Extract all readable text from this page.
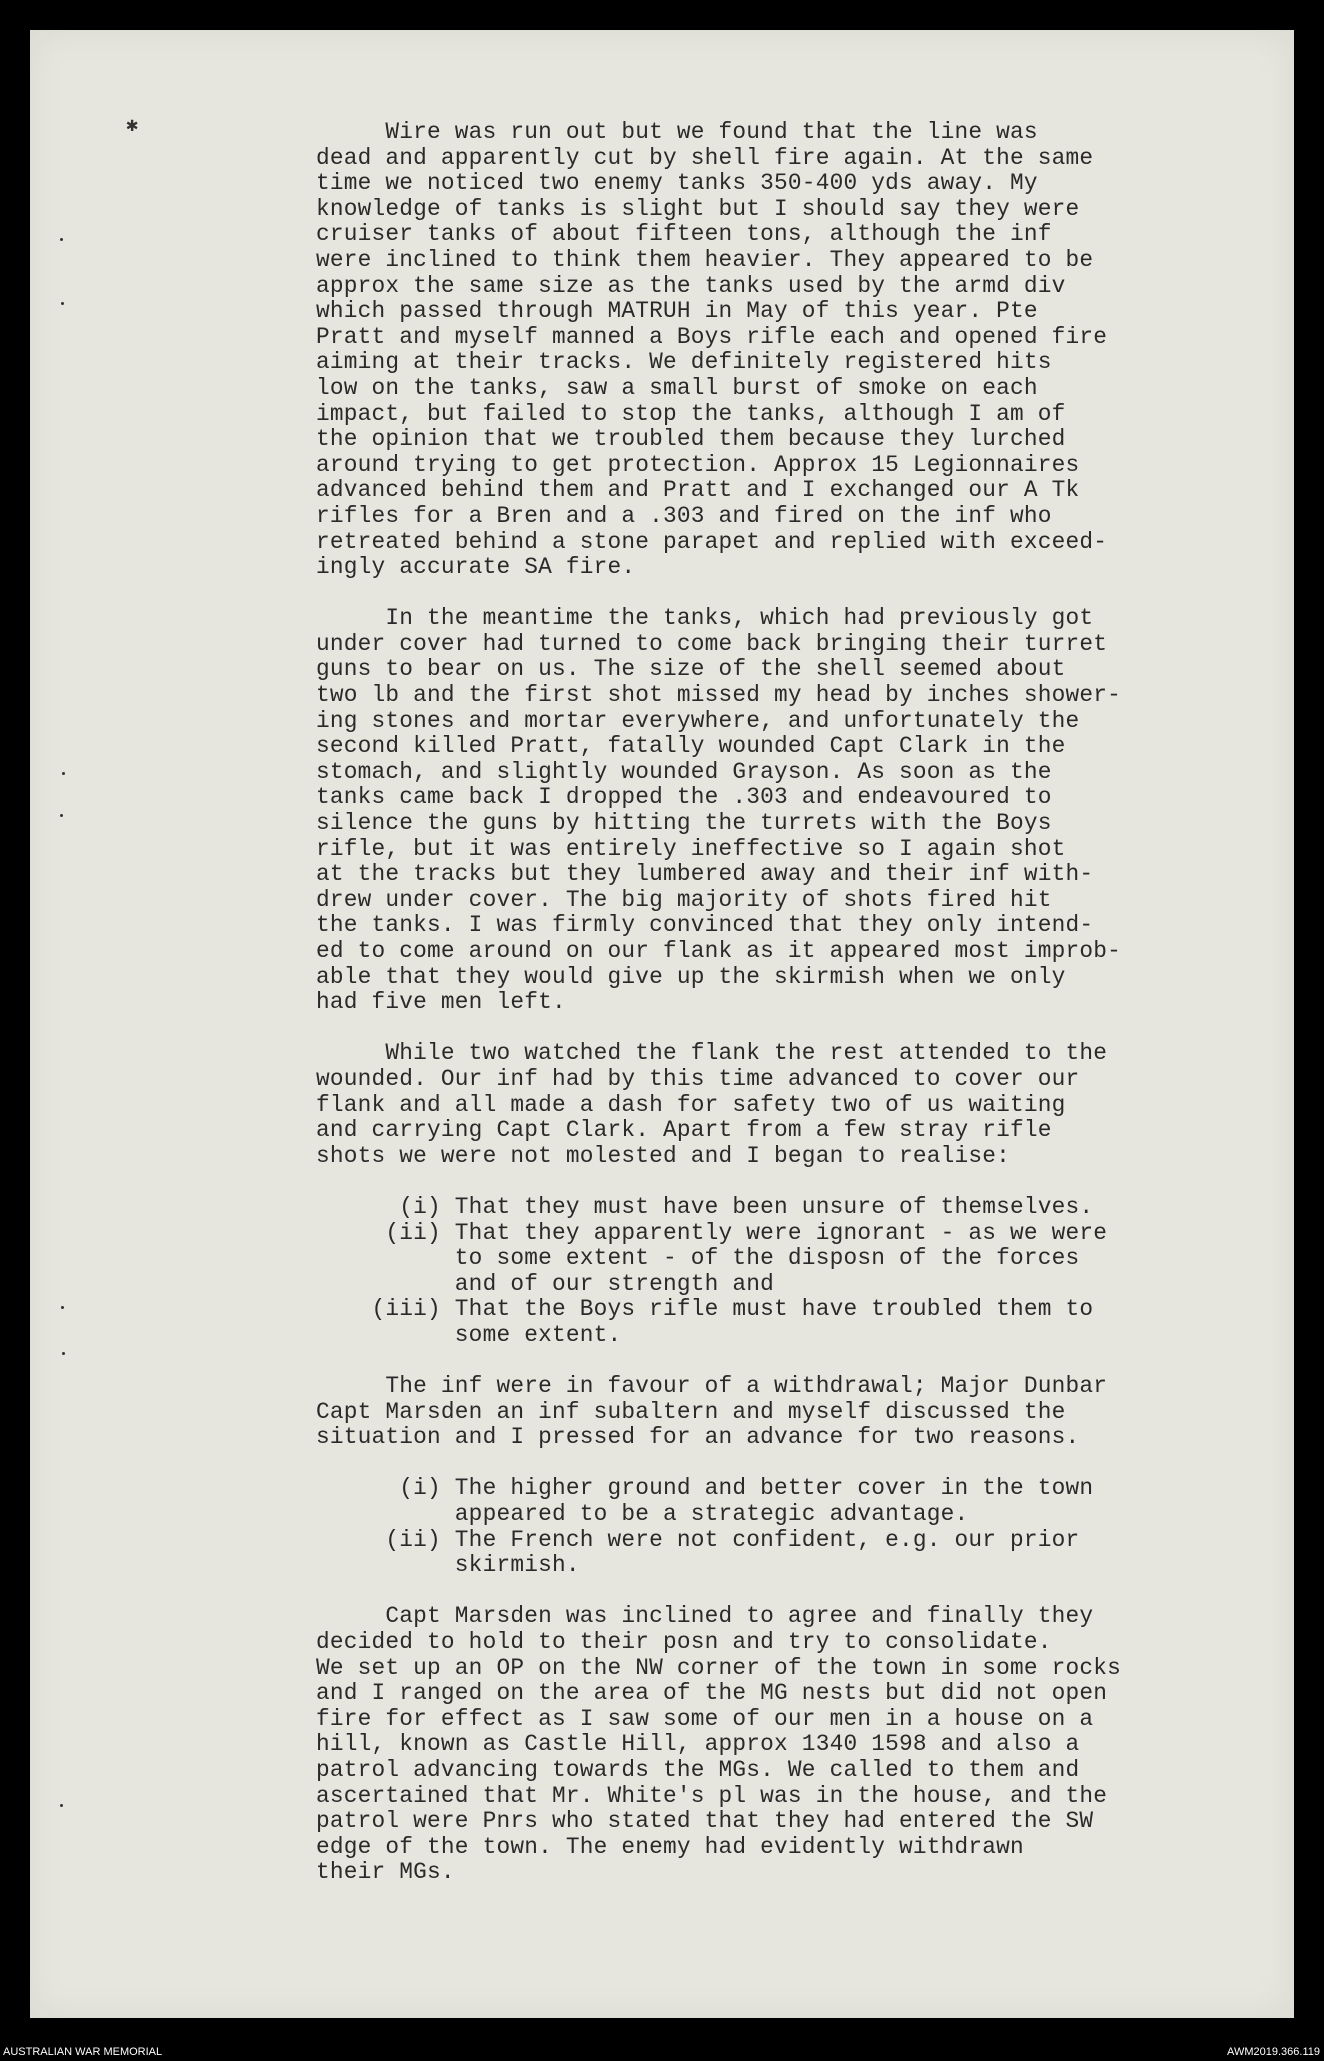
✱	Wire was run out but we found that the line was
dead and apparently cut by shell fire again. At the same
time we noticed two enemy tanks 350-400 yds away. My
knowledge of tanks is slight but I should say they were
cruiser tanks of about fifteen tons, although the inf
were inclined to think them heavier. They appeared to be
approx the same size as the tanks used by the armd div
which passed through MATRUH in May of this year. Pte
Pratt and myself manned a Boys rifle each and opened fire
aiming at their tracks. We definitely registered hits
low on the tanks, saw a small burst of smoke on each
impact, but failed to stop the tanks, although I am of
the opinion that we troubled them because they lurched
around trying to get protection. Approx 15 Legionnaires
advanced behind them and Pratt and I exchanged our A Tk
rifles for a Bren and a .303 and fired on the inf who
retreated behind a stone parapet and replied with exceed-
ingly accurate SA fire.
In the meantime the tanks, which had previously got
under cover had turned to come back bringing their turret
guns to bear on us. The size of the shell seemed about
two lb and the first shot missed my head by inches shower-
ing stones and mortar everywhere, and unfortunately the
second killed Pratt, fatally wounded Capt Clark in the
stomach, and slightly wounded Grayson. As soon as the
tanks came back I dropped the .303 and endeavoured to
silence the guns by hitting the turrets with the Boys
rifle, but it was entirely ineffective so I again shot
at the tracks but they lumbered away and their inf with-
drew under cover. The big majority of shots fired hit
the tanks. I was firmly convinced that they only intend-
ed to come around on our flank as it appeared most improb-
able that they would give up the skirmish when we only
had five men left.
While two watched the flank the rest attended to the
wounded. Our inf had by this time advanced to cover our
flank and all made a dash for safety two of us waiting
and carrying Capt Clark. Apart from a few stray rifle
shots we were not molested and I began to realise:
(i) That they must have been unsure of themselves.
(ii) That they apparently were ignorant - as we were
to some extent - of the disposn of the forces
and of our strength and
(iii) That the Boys rifle must have troubled them to
some extent.
The inf were in favour of a withdrawal; Major Dunbar
Capt Marsden an inf subaltern and myself discussed the
situation and I pressed for an advance for two reasons.
(i) The higher ground and better cover in the town
appeared to be a strategic advantage.
(ii) The French were not confident, e.g. our prior
skirmish.
Capt Marsden was inclined to agree and finally they
decided to hold to their posn and try to consolidate.
We set up an OP on the NW corner of the town in some rocks
and I ranged on the area of the MG nests but did not open
fire for effect as I saw some of our men in a house on a
hill, known as Castle Hill, approx 1340 1598 and also a
patrol advancing towards the MGs. We called to them and
ascertained that Mr. White's pl was in the house, and the
patrol were Pnrs who stated that they had entered the SW
edge of the town. The enemy had evidently withdrawn
their MGs.
AUSTRALIAN WAR MEMORIAL	AWM2019.366.119
